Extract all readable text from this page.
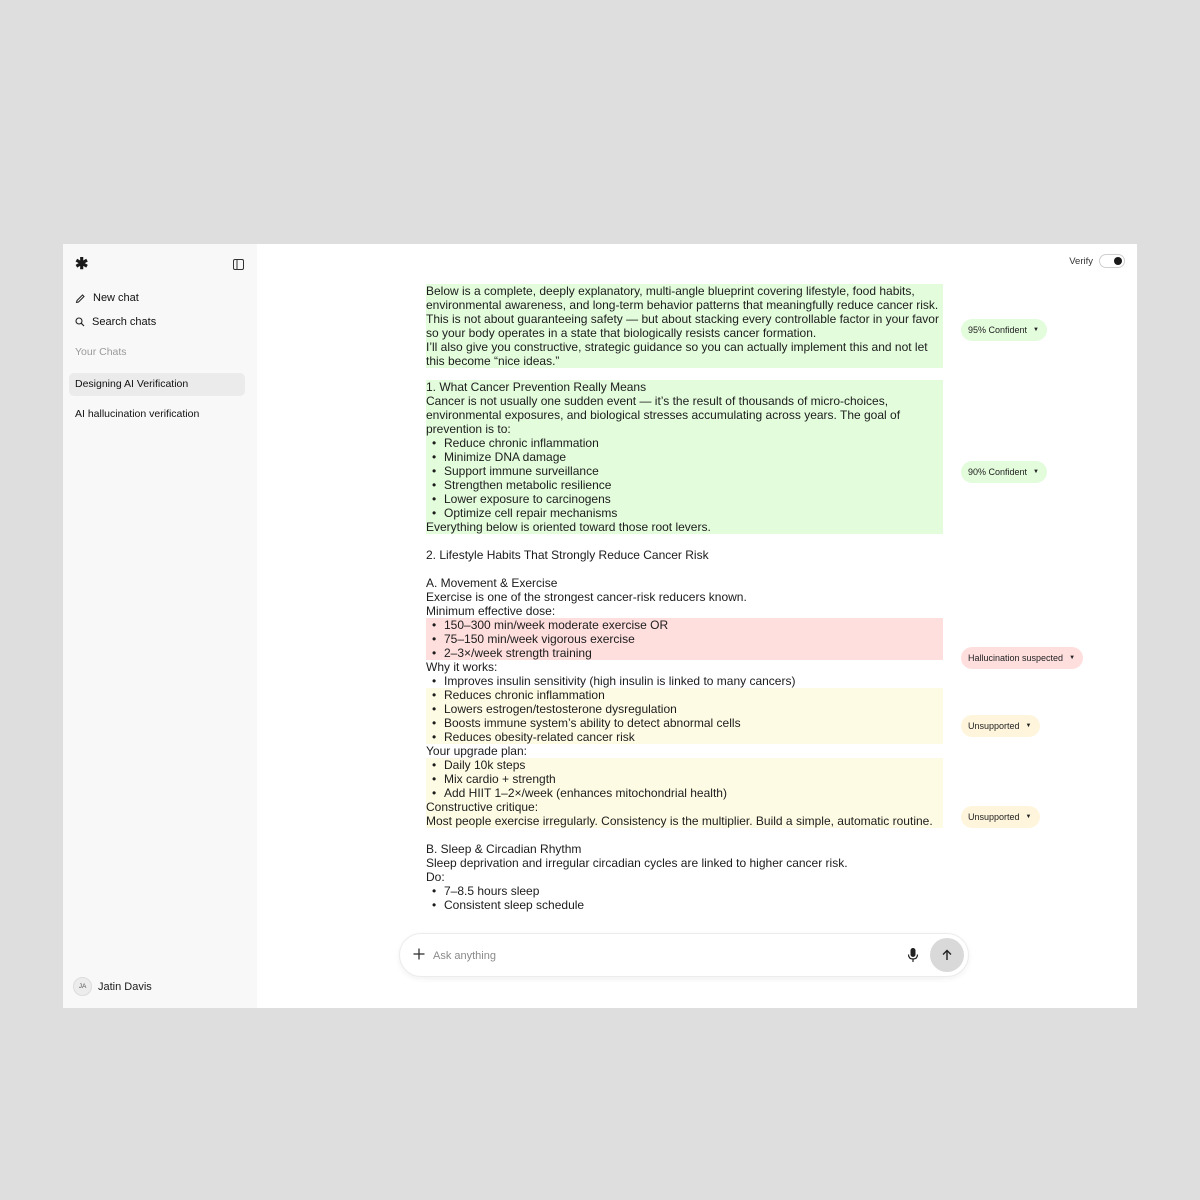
✱
New chat
Search chats
Your Chats
Designing AI Verification
AI hallucination verification
JA	Jatin Davis
Verify
Below is a complete, deeply explanatory, multi-angle blueprint covering lifestyle, food habits, environmental awareness, and long-term behavior patterns that meaningfully reduce cancer risk. This is not about guaranteeing safety — but about stacking every controllable factor in your favor so your body operates in a state that biologically resists cancer formation.
I’ll also give you constructive, strategic guidance so you can actually implement this and not let this become “nice ideas.”
1. What Cancer Prevention Really Means
Cancer is not usually one sudden event — it’s the result of thousands of micro-choices, environmental exposures, and biological stresses accumulating across years. The goal of prevention is to:
• Reduce chronic inflammation
• Minimize DNA damage
• Support immune surveillance
• Strengthen metabolic resilience
• Lower exposure to carcinogens
• Optimize cell repair mechanisms
Everything below is oriented toward those root levers.
2. Lifestyle Habits That Strongly Reduce Cancer Risk
A. Movement & Exercise
Exercise is one of the strongest cancer-risk reducers known.
Minimum effective dose:
• 150–300 min/week moderate exercise OR
• 75–150 min/week vigorous exercise
• 2–3×/week strength training
Why it works:
• Improves insulin sensitivity (high insulin is linked to many cancers)
• Reduces chronic inflammation
• Lowers estrogen/testosterone dysregulation
• Boosts immune system’s ability to detect abnormal cells
• Reduces obesity-related cancer risk
Your upgrade plan:
• Daily 10k steps
• Mix cardio + strength
• Add HIIT 1–2×/week (enhances mitochondrial health)
Constructive critique:
Most people exercise irregularly. Consistency is the multiplier. Build a simple, automatic routine.
B. Sleep & Circadian Rhythm
Sleep deprivation and irregular circadian cycles are linked to higher cancer risk.
Do:
• 7–8.5 hours sleep
• Consistent sleep schedule
95% Confident ▼
90% Confident ▼
Hallucination suspected ▼
Unsupported ▼
Unsupported ▼
Ask anything
